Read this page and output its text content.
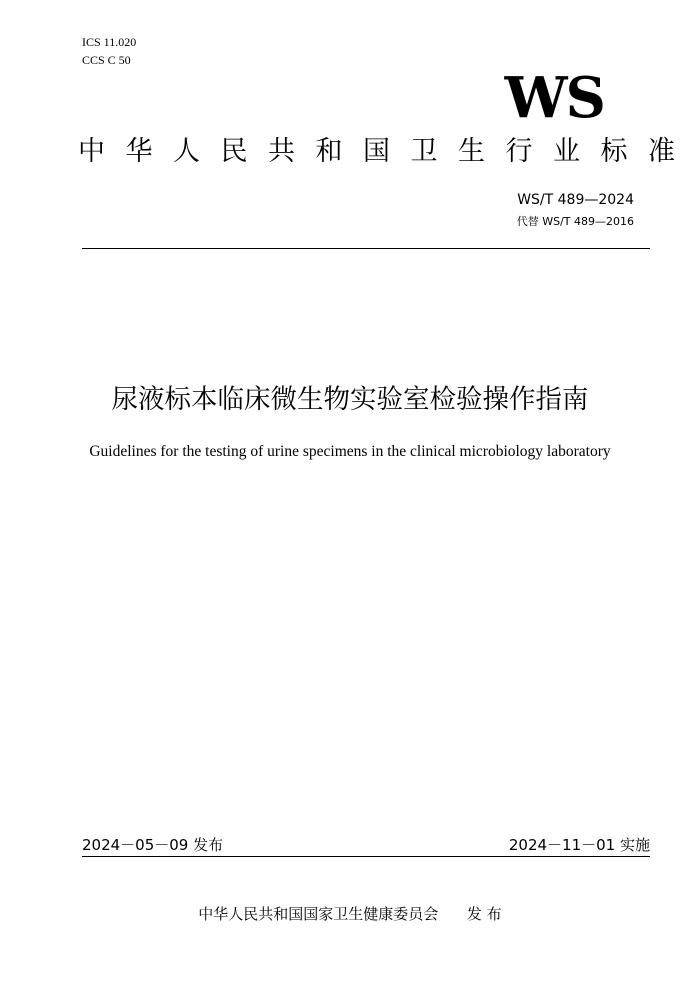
ICS 11.020
CCS C 50
WS
中华人民共和国卫生行业标准
WS/T 489—2024
代替 WS/T 489—2016
尿液标本临床微生物实验室检验操作指南
Guidelines for the testing of urine specimens in the clinical microbiology laboratory
2024－05－09 发布	2024－11－01 实施
中华人民共和国国家卫生健康委员会      发 布
